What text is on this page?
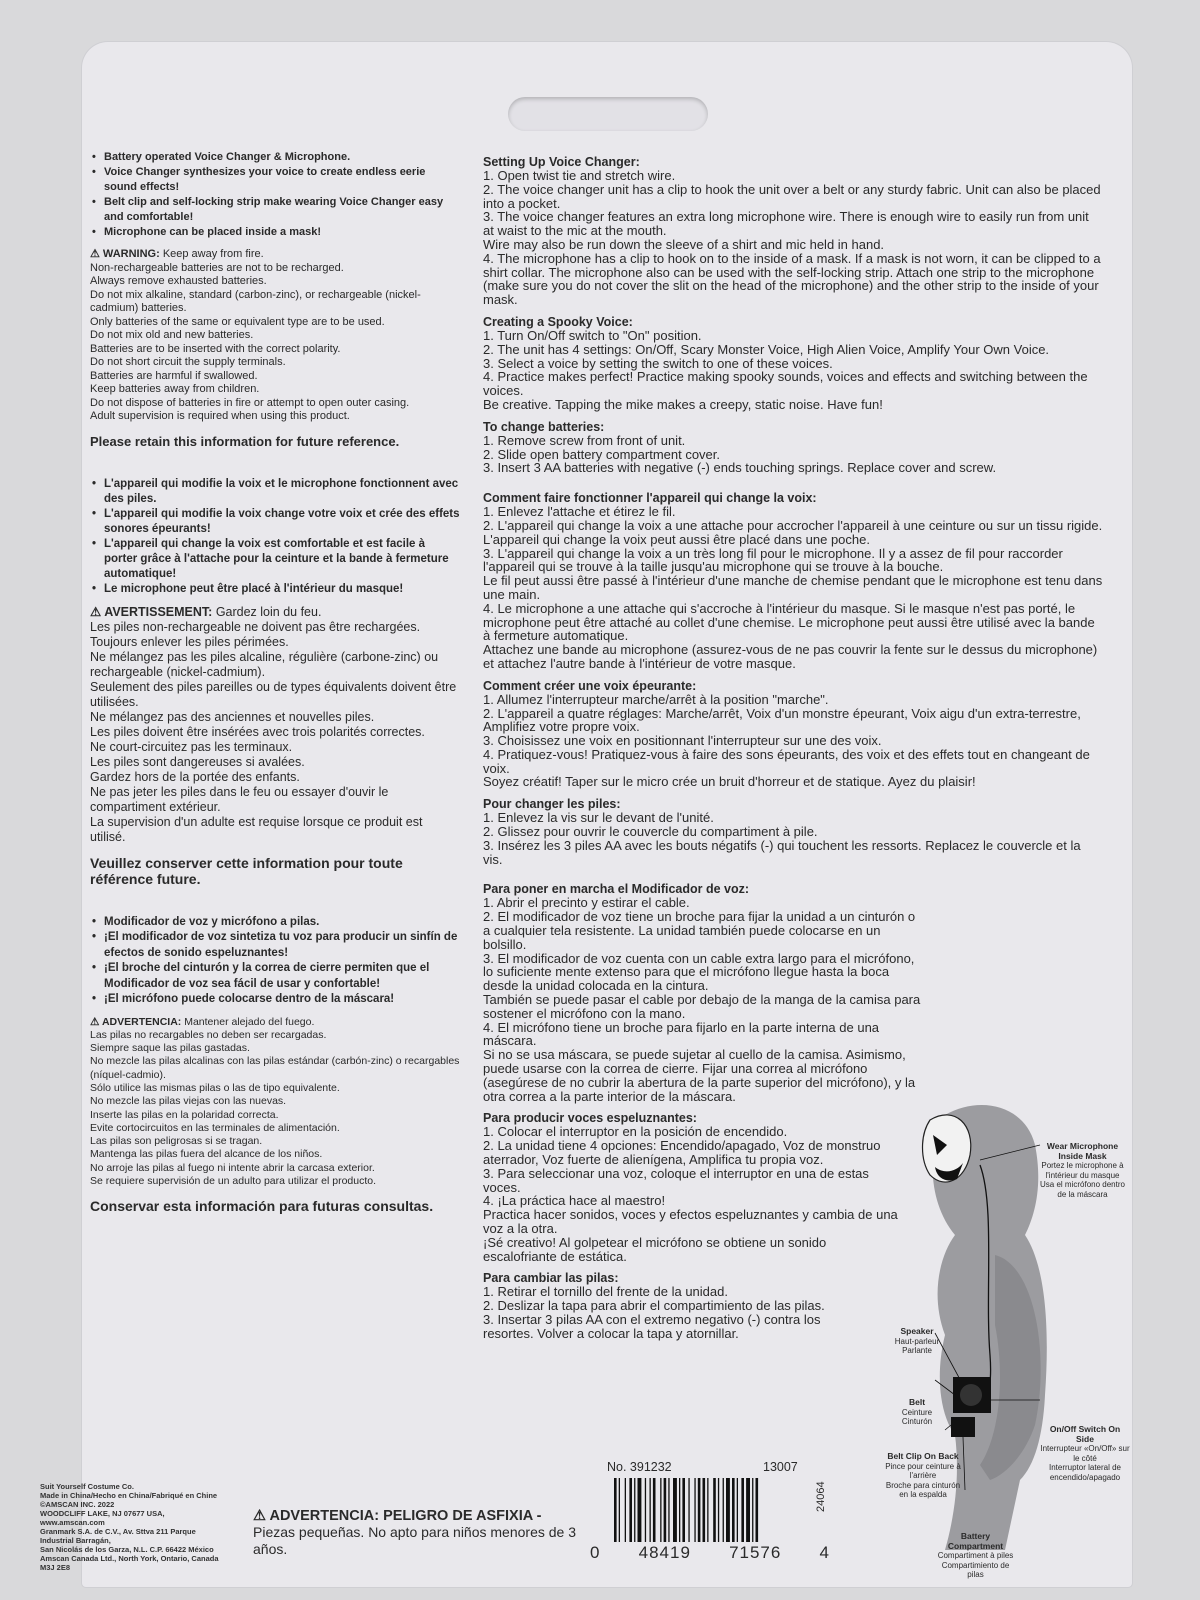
• Battery operated Voice Changer & Microphone.
• Voice Changer synthesizes your voice to create endless eerie sound effects!
• Belt clip and self-locking strip make wearing Voice Changer easy and comfortable!
• Microphone can be placed inside a mask!

⚠ WARNING: Keep away from fire.

Non-rechargeable batteries are not to be recharged.

Always remove exhausted batteries.

Do not mix alkaline, standard (carbon-zinc), or rechargeable (nickel-cadmium) batteries.

Only batteries of the same or equivalent type are to be used.

Do not mix old and new batteries.

Batteries are to be inserted with the correct polarity.

Do not short circuit the supply terminals.

Batteries are harmful if swallowed.

Keep batteries away from children.

Do not dispose of batteries in fire or attempt to open outer casing.

Adult supervision is required when using this product.

Please retain this information for future reference.

• L'appareil qui modifie la voix et le microphone fonctionnent avec des piles.
• L'appareil qui modifie la voix change votre voix et crée des effets sonores épeurants!
• L'appareil qui change la voix est comfortable et est facile à porter grâce à l'attache pour la ceinture et la bande à fermeture automatique!
• Le microphone peut être placé à l'intérieur du masque!

⚠ AVERTISSEMENT: Gardez loin du feu.

Les piles non-rechargeable ne doivent pas être rechargées.

Toujours enlever les piles périmées.

Ne mélangez pas les piles alcaline, régulière (carbone-zinc) ou rechargeable (nickel-cadmium).

Seulement des piles pareilles ou de types équivalents doivent être utilisées.

Ne mélangez pas des anciennes et nouvelles piles.

Les piles doivent être insérées avec trois polarités correctes.

Ne court-circuitez pas les terminaux.

Les piles sont dangereuses si avalées.

Gardez hors de la portée des enfants.

Ne pas jeter les piles dans le feu ou essayer d'ouvir le compartiment extérieur.

La supervision d'un adulte est requise lorsque ce produit est utilisé.

Veuillez conserver cette information pour toute référence future.

• Modificador de voz y micrófono a pilas.
• ¡El modificador de voz sintetiza tu voz para producir un sinfín de efectos de sonido espeluznantes!
• ¡El broche del cinturón y la correa de cierre permiten que el Modificador de voz sea fácil de usar y confortable!
• ¡El micrófono puede colocarse dentro de la máscara!

⚠ ADVERTENCIA: Mantener alejado del fuego.

Las pilas no recargables no deben ser recargadas.

Siempre saque las pilas gastadas.

No mezcle las pilas alcalinas con las pilas estándar (carbón-zinc) o recargables (níquel-cadmio).

Sólo utilice las mismas pilas o las de tipo equivalente.

No mezcle las pilas viejas con las nuevas.

Inserte las pilas en la polaridad correcta.

Evite cortocircuitos en las terminales de alimentación.

Las pilas son peligrosas si se tragan.

Mantenga las pilas fuera del alcance de los niños.

No arroje las pilas al fuego ni intente abrir la carcasa exterior.

Se requiere supervisión de un adulto para utilizar el producto.

Conservar esta información para futuras consultas.

Setting Up Voice Changer:

1. Open twist tie and stretch wire.

2. The voice changer unit has a clip to hook the unit over a belt or any sturdy fabric. Unit can also be placed into a pocket.

3. The voice changer features an extra long microphone wire. There is enough wire to easily run from unit at waist to the mic at the mouth.

Wire may also be run down the sleeve of a shirt and mic held in hand.

4. The microphone has a clip to hook on to the inside of a mask. If a mask is not worn, it can be clipped to a shirt collar. The microphone also can be used with the self-locking strip. Attach one strip to the microphone (make sure you do not cover the slit on the head of the microphone) and the other strip to the inside of your mask.

Creating a Spooky Voice:

1. Turn On/Off switch to "On" position.

2. The unit has 4 settings: On/Off, Scary Monster Voice, High Alien Voice, Amplify Your Own Voice.

3. Select a voice by setting the switch to one of these voices.

4. Practice makes perfect! Practice making spooky sounds, voices and effects and switching between the voices.

Be creative. Tapping the mike makes a creepy, static noise. Have fun!

To change batteries:

1. Remove screw from front of unit.

2. Slide open battery compartment cover.

3. Insert 3 AA batteries with negative (-) ends touching springs. Replace cover and screw.

Comment faire fonctionner l'appareil qui change la voix:

1. Enlevez l'attache et étirez le fil.

2. L'appareil qui change la voix a une attache pour accrocher l'appareil à une ceinture ou sur un tissu rigide. L'appareil qui change la voix peut aussi être placé dans une poche.

3. L'appareil qui change la voix a un très long fil pour le microphone. Il y a assez de fil pour raccorder l'appareil qui se trouve à la taille jusqu'au microphone qui se trouve à la bouche.

Le fil peut aussi être passé à l'intérieur d'une manche de chemise pendant que le microphone est tenu dans une main.

4. Le microphone a une attache qui s'accroche à l'intérieur du masque. Si le masque n'est pas porté, le microphone peut être attaché au collet d'une chemise. Le microphone peut aussi être utilisé avec la bande à fermeture automatique.

Attachez une bande au microphone (assurez-vous de ne pas couvrir la fente sur le dessus du microphone) et attachez l'autre bande à l'intérieur de votre masque.

Comment créer une voix épeurante:

1. Allumez l'interrupteur marche/arrêt à la position "marche".

2. L'appareil a quatre réglages: Marche/arrêt, Voix d'un monstre épeurant, Voix aigu d'un extra-terrestre, Amplifiez votre propre voix.

3. Choisissez une voix en positionnant l'interrupteur sur une des voix.

4. Pratiquez-vous! Pratiquez-vous à faire des sons épeurants, des voix et des effets tout en changeant de voix.

Soyez créatif! Taper sur le micro crée un bruit d'horreur et de statique. Ayez du plaisir!

Pour changer les piles:

1. Enlevez la vis sur le devant de l'unité.

2. Glissez pour ouvrir le couvercle du compartiment à pile.

3. Insérez les 3 piles AA avec les bouts négatifs (-) qui touchent les ressorts. Replacez le couvercle et la vis.

Para poner en marcha el Modificador de voz:

1. Abrir el precinto y estirar el cable.

2. El modificador de voz tiene un broche para fijar la unidad a un cinturón o a cualquier tela resistente. La unidad también puede colocarse en un bolsillo.

3. El modificador de voz cuenta con un cable extra largo para el micrófono, lo suficiente mente extenso para que el micrófono llegue hasta la boca desde la unidad colocada en la cintura.

También se puede pasar el cable por debajo de la manga de la camisa para sostener el micrófono con la mano.

4. El micrófono tiene un broche para fijarlo en la parte interna de una máscara.

Si no se usa máscara, se puede sujetar al cuello de la camisa. Asimismo, puede usarse con la correa de cierre. Fijar una correa al micrófono (asegúrese de no cubrir la abertura de la parte superior del micrófono), y la otra correa a la parte interior de la máscara.

Para producir voces espeluznantes:

1. Colocar el interruptor en la posición de encendido.

2. La unidad tiene 4 opciones: Encendido/apagado, Voz de monstruo aterrador, Voz fuerte de alienígena, Amplifica tu propia voz.

3. Para seleccionar una voz, coloque el interruptor en una de estas voces.

4. ¡La práctica hace al maestro!

Practica hacer sonidos, voces y efectos espeluznantes y cambia de una voz a la otra.

¡Sé creativo! Al golpetear el micrófono se obtiene un sonido escalofriante de estática.

Para cambiar las pilas:

1. Retirar el tornillo del frente de la unidad.

2. Deslizar la tapa para abrir el compartimiento de las pilas.

3. Insertar 3 pilas AA con el extremo negativo (-) contra los resortes. Volver a colocar la tapa y atornillar.

Wear Microphone Inside Mask
Portez le microphone à l'intérieur du masque
Usa el micrófono dentro de la máscara
Speaker
Haut-parleur
Parlante
Belt
Ceinture
Cinturón
Belt Clip On Back
Pince pour ceinture à l'arrière
Broche para cinturón en la espalda
On/Off Switch On Side
Interrupteur «On/Off» sur le côté
Interruptor lateral de encendido/apagado
Battery Compartment
Compartiment à piles
Compartimiento de pilas
Suit Yourself Costume Co.
Made in China/Hecho en China/Fabriqué en Chine
©AMSCAN INC. 2022
WOODCLIFF LAKE, NJ 07677 USA, www.amscan.com
Granmark S.A. de C.V., Av. Sttva 211 Parque Industrial Barragán,
San Nicolás de los Garza, N.L. C.P. 66422 México
Amscan Canada Ltd., North York, Ontario, Canada M3J 2E8

⚠ ADVERTENCIA: PELIGRO DE ASFIXIA -

Piezas pequeñas. No apto para niños menores de 3 años.

No. 391232	13007
24064
0 48419 71576 4
